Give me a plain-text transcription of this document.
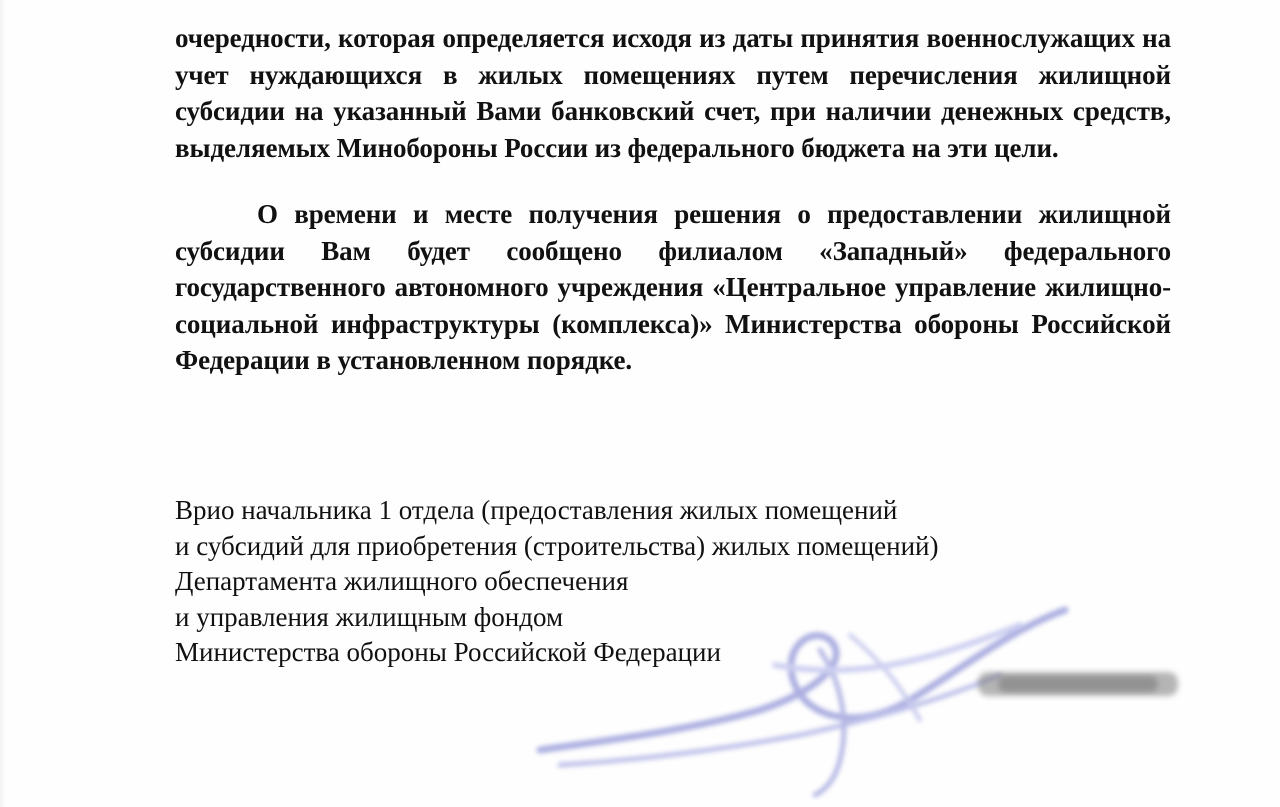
очередности, которая определяется исходя из даты принятия военнослужащих на учет нуждающихся в жилых помещениях путем перечисления жилищной субсидии на указанный Вами банковский счет, при наличии денежных средств, выделяемых Минобороны России из федерального бюджета на эти цели.

О времени и месте получения решения о предоставлении жилищной субсидии Вам будет сообщено филиалом «Западный» федерального государственного автономного учреждения «Центральное управление жилищно-социальной инфраструктуры (комплекса)» Министерства обороны Российской Федерации в установленном порядке.

Врио начальника 1 отдела (предоставления жилых помещений
и субсидий для приобретения (строительства) жилых помещений)
Департамента жилищного обеспечения
и управления жилищным фондом
Министерства обороны Российской Федерации
